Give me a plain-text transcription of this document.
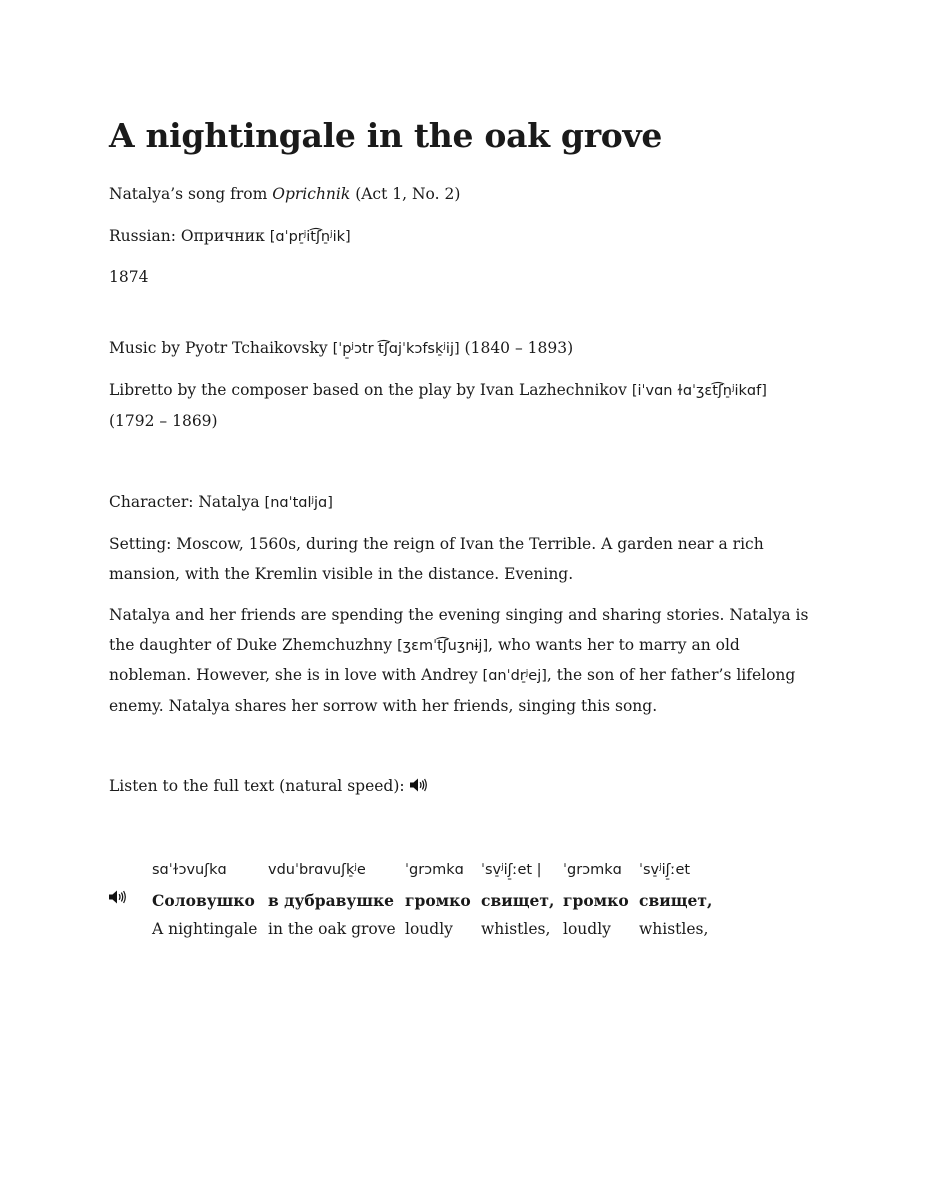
A nightingale in the oak grove

Natalya’s song from Oprichnik (Act 1, No. 2)

Russian: Опричник [ɑˈpr̠ʲit͡ʃn̠ʲik]

1874

Music by Pyotr Tchaikovsky [ˈp̠ʲɔtr t͡ʃɑjˈkɔfsk̠ʲij] (1840 – 1893)

Libretto by the composer based on the play by Ivan Lazhechnikov [iˈvɑn ɫɑˈʒɛt͡ʃn̠ʲikɑf] (1792 – 1869)

Character: Natalya [nɑˈtɑlʲjɑ]

Setting: Moscow, 1560s, during the reign of Ivan the Terrible. A garden near a rich mansion, with the Kremlin visible in the distance. Evening.

Natalya and her friends are spending the evening singing and sharing stories. Natalya is the daughter of Duke Zhemchuzhny [ʒɛmˈt͡ʃuʒnɨj], who wants her to marry an old nobleman. However, she is in love with Andrey [ɑnˈdr̠ʲej], the son of her father’s lifelong enemy. Natalya shares her sorrow with her friends, singing this song.

Listen to the full text (natural speed):

sɑˈɫɔvuʃkɑ
Соловушко
A nightingale
vduˈbrɑvuʃk̠ʲe
в дубравушке
in the oak grove
ˈgrɔmkɑ
громко
loudly
ˈsv̠ʲiʃ̠ːet |
свищет,
whistles,
ˈgrɔmkɑ
громко
loudly
ˈsv̠ʲiʃ̠ːet
свищет,
whistles,
